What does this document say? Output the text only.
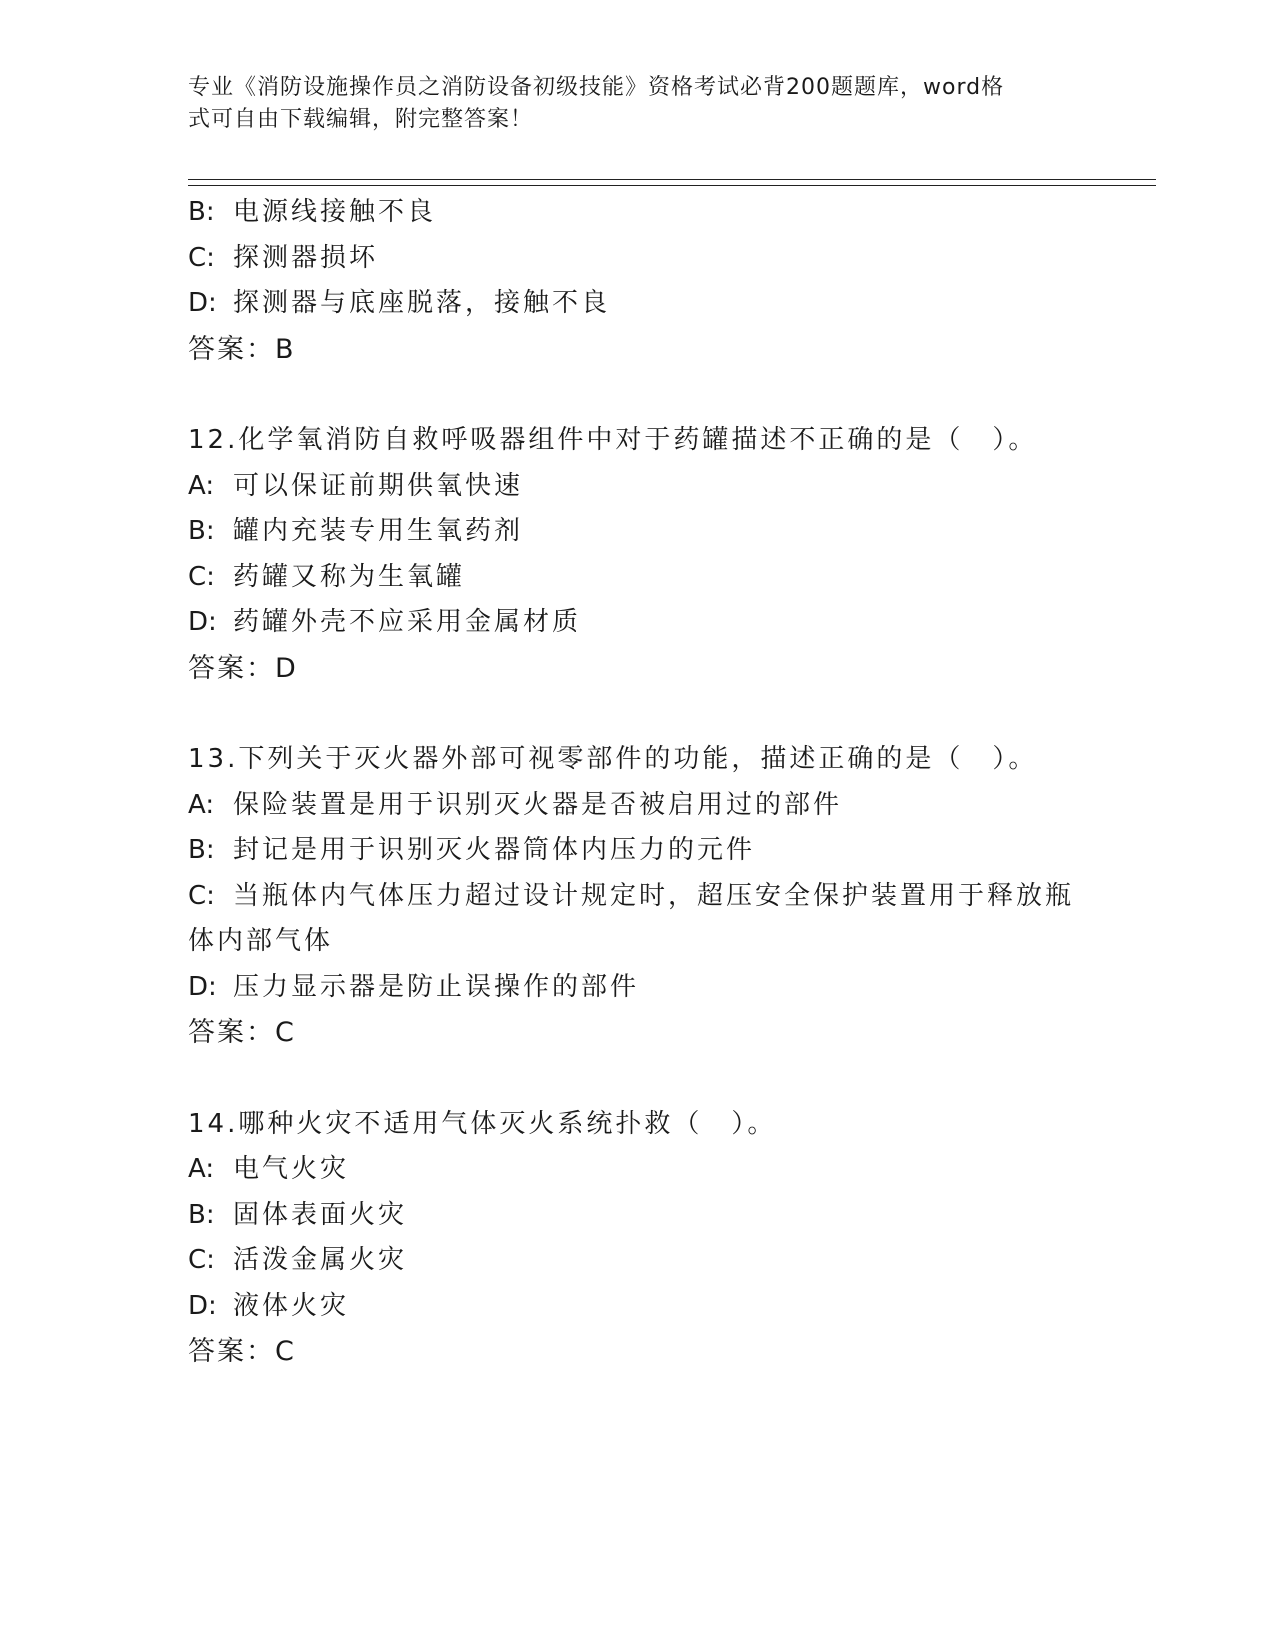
专业《消防设施操作员之消防设备初级技能》资格考试必背200题题库，word格
式可自由下载编辑，附完整答案！
B: 电源线接触不良
C: 探测器损坏
D: 探测器与底座脱落，接触不良
答案：B
12.化学氧消防自救呼吸器组件中对于药罐描述不正确的是（　）。
A: 可以保证前期供氧快速
B: 罐内充装专用生氧药剂
C: 药罐又称为生氧罐
D: 药罐外壳不应采用金属材质
答案：D
13.下列关于灭火器外部可视零部件的功能，描述正确的是（　）。
A: 保险装置是用于识别灭火器是否被启用过的部件
B: 封记是用于识别灭火器筒体内压力的元件
C: 当瓶体内气体压力超过设计规定时，超压安全保护装置用于释放瓶
体内部气体
D: 压力显示器是防止误操作的部件
答案：C
14.哪种火灾不适用气体灭火系统扑救（　）。
A: 电气火灾
B: 固体表面火灾
C: 活泼金属火灾
D: 液体火灾
答案：C
